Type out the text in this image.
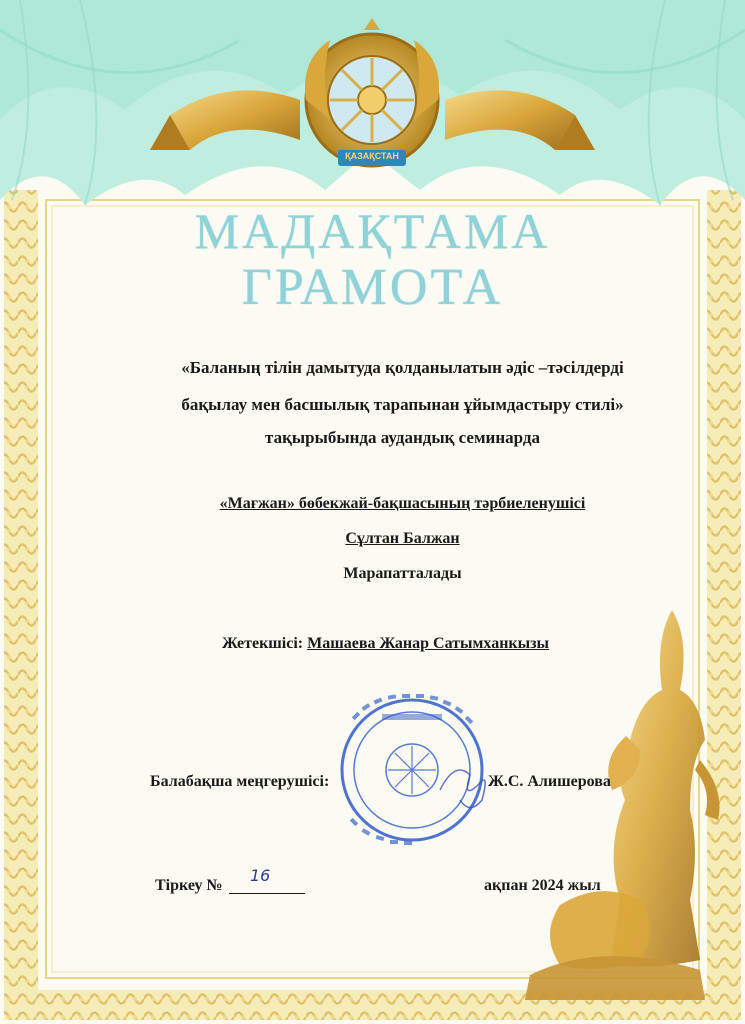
ҚАЗАҚСТАН
МАДАҚТАМА
ГРАМОТА
«Баланың тілін дамытуда қолданылатын әдіс –тәсілдерді
бақылау мен басшылық тарапынан ұйымдастыру стилі»
тақырыбында аудандық семинарда
«Мағжан» бөбекжай-бақшасының тәрбиеленушісі
Сұлтан Балжан
Марапатталады
Жетекшісі: Машаева Жанар Сатымханкызы
Балабақша меңгерушісі:	Ж.С. Алишерова
Тіркеу №
16
ақпан 2024 жыл
